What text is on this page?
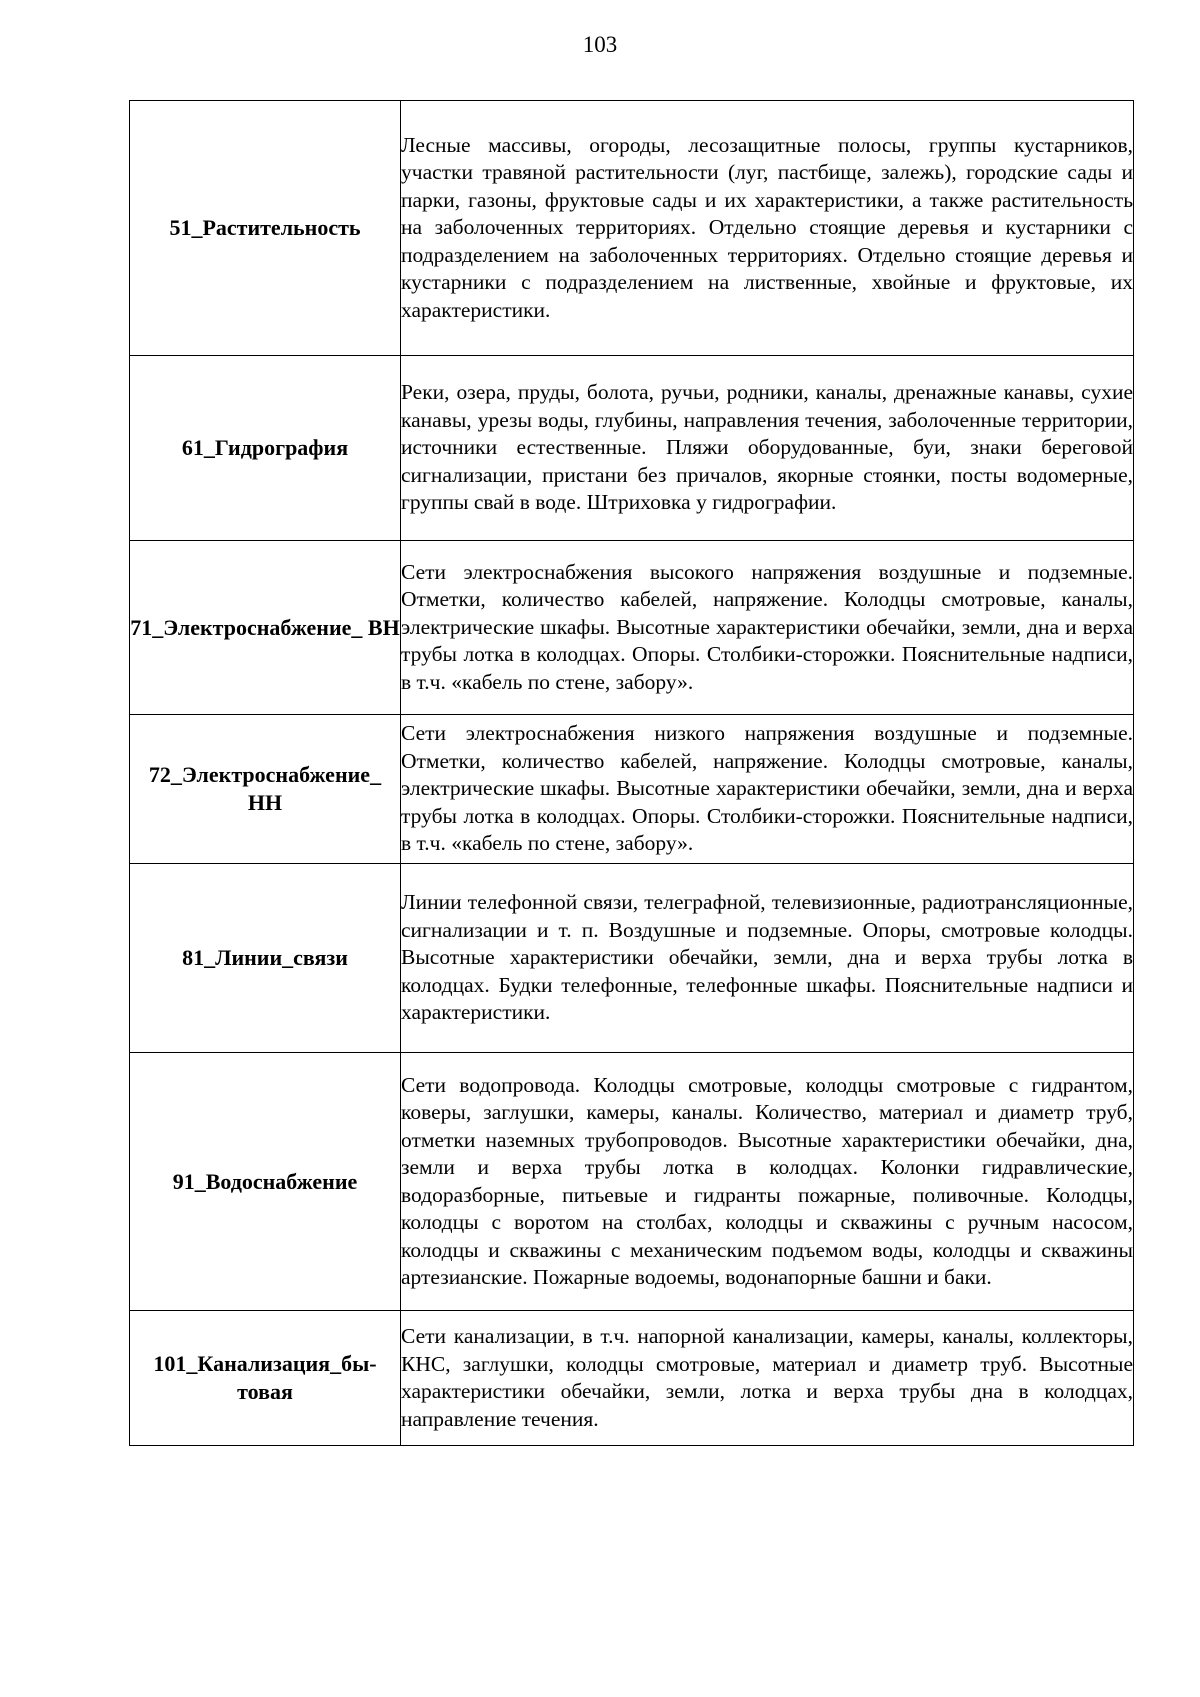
103
51_Растительность	Лесные массивы, огороды, лесозащитные полосы, группы кустарников, участки травяной растительности (луг, пастбище, залежь), городские сады и парки, газоны, фруктовые сады и их характеристики, а также растительность на заболоченных территориях. Отдельно стоящие деревья и кустарники с подразделением на заболоченных территориях. Отдельно стоящие деревья и кустарники с подразделением на лиственные, хвойные и фруктовые, их характеристики.

61_Гидрография	Реки, озера, пруды, болота, ручьи, родники, каналы, дренажные канавы, сухие канавы, урезы воды, глубины, направления течения, заболоченные территории, источники естественные. Пляжи оборудованные, буи, знаки береговой сигнализации, пристани без причалов, якорные стоянки, посты водомерные, группы свай в воде. Штриховка у гидрографии.

71_Электроснабжение_ ВН	Сети электроснабжения высокого напряжения воздушные и подземные. Отметки, количество кабелей, напряжение. Колодцы смотровые, каналы, электрические шкафы. Высотные характеристики обечайки, земли, дна и верха трубы лотка в колодцах. Опоры. Столбики-сторожки. Пояснительные надписи, в т.ч. «кабель по стене, забору».

72_Электроснабжение_ НН	Сети электроснабжения низкого напряжения воздушные и подземные. Отметки, количество кабелей, напряжение. Колодцы смотровые, каналы, электрические шкафы. Высотные характеристики обечайки, земли, дна и верха трубы лотка в колодцах. Опоры. Столбики-сторожки. Пояснительные надписи, в т.ч. «кабель по стене, забору».

81_Линии_связи	Линии телефонной связи, телеграфной, телевизионные, радиотрансляционные, сигнализации и т. п. Воздушные и подземные. Опоры, смотровые колодцы. Высотные характеристики обечайки, земли, дна и верха трубы лотка в колодцах. Будки телефонные, телефонные шкафы. Пояснительные надписи и характеристики.

91_Водоснабжение	Сети водопровода. Колодцы смотровые, колодцы смотровые с гидрантом, коверы, заглушки, камеры, каналы. Количество, материал и диаметр труб, отметки наземных трубопроводов. Высотные характеристики обечайки, дна, земли и верха трубы лотка в колодцах. Колонки гидравлические, водоразборные, питьевые и гидранты пожарные, поливочные. Колодцы, колодцы с воротом на столбах, колодцы и скважины с ручным насосом, колодцы и скважины с механическим подъемом воды, колодцы и скважины артезианские. Пожарные водоемы, водонапорные башни и баки.

101_Канализация_бы- товая	Сети канализации, в т.ч. напорной канализации, камеры, каналы, коллекторы, КНС, заглушки, колодцы смотровые, материал и диаметр труб. Высотные характеристики обечайки, земли, лотка и верха трубы дна в колодцах, направление течения.
